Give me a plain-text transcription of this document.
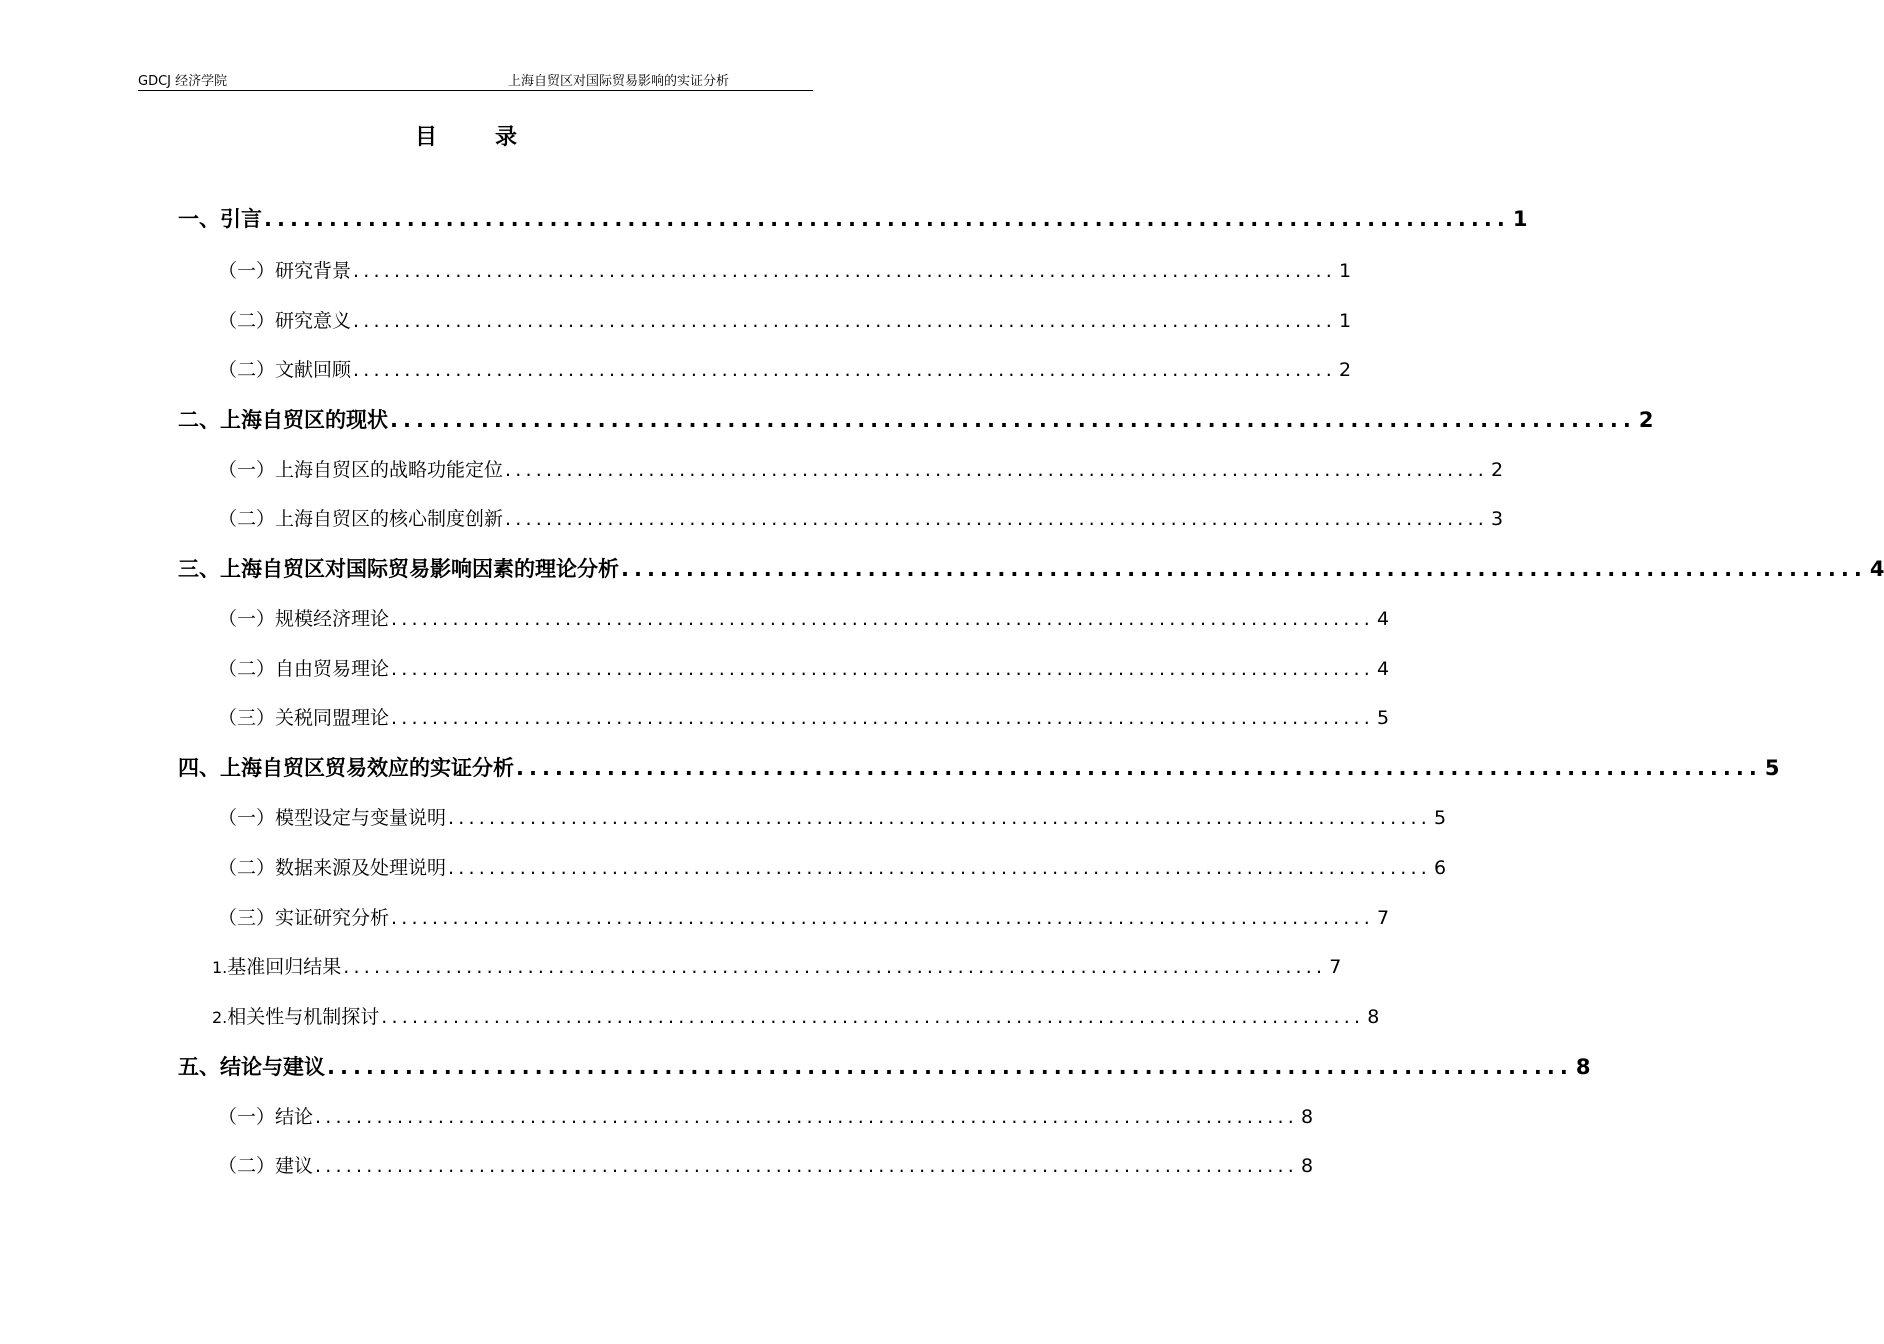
GDCJ 经济学院	上海自贸区对国际贸易影响的实证分析
目录
一、 引言 ................................................................................................ 1
（一） 研究背景 ................................................................................................ 1
（二） 研究意义 ................................................................................................ 1
（二） 文献回顾 ................................................................................................ 2
二、 上海自贸区的现状 ................................................................................................ 2
（一） 上海自贸区的战略功能定位 ................................................................................................ 2
（二） 上海自贸区的核心制度创新 ................................................................................................ 3
三、 上海自贸区对国际贸易影响因素的理论分析 ................................................................................................ 4
（一） 规模经济理论 ................................................................................................ 4
（二） 自由贸易理论 ................................................................................................ 4
（三） 关税同盟理论 ................................................................................................ 5
四、 上海自贸区贸易效应的实证分析 ................................................................................................ 5
（一） 模型设定与变量说明 ................................................................................................ 5
（二） 数据来源及处理说明 ................................................................................................ 6
（三） 实证研究分析 ................................................................................................ 7
1. 基准回归结果 ................................................................................................ 7
2. 相关性与机制探讨 ................................................................................................ 8
五、 结论与建议 ................................................................................................ 8
（一） 结论 ................................................................................................ 8
（二） 建议 ................................................................................................ 8
